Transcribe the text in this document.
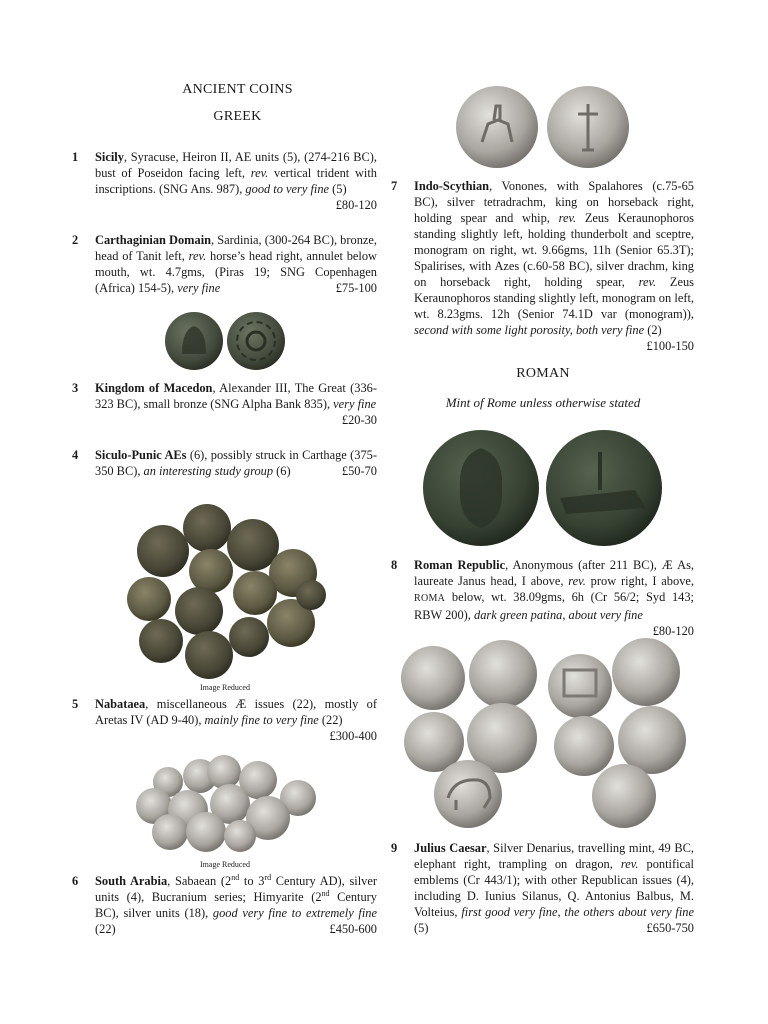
ANCIENT COINS
GREEK
1 Sicily, Syracuse, Heiron II, AE units (5), (274-216 BC), bust of Poseidon facing left, rev. vertical trident with inscriptions. (SNG Ans. 987), good to very fine (5)
£80-120
2 Carthaginian Domain, Sardinia, (300-264 BC), bronze, head of Tanit left, rev. horse’s head right, annulet below mouth, wt. 4.7gms, (Piras 19; SNG Copenhagen (Africa) 154-5), very fine	£75-100
3 Kingdom of Macedon, Alexander III, The Great (336-323 BC), small bronze (SNG Alpha Bank 835), very fine
£20-30
4 Siculo-Punic AEs (6), possibly struck in Carthage (375-350 BC), an interesting study group (6)	£50-70
Image Reduced
5 Nabataea, miscellaneous Æ issues (22), mostly of Aretas IV (AD 9-40), mainly fine to very fine (22)
£300-400
Image Reduced
6 South Arabia, Sabaean (2nd to 3rd Century AD), silver units (4), Bucranium series; Himyarite (2nd Century BC), silver units (18), good very fine to extremely fine (22)	£450-600
7 Indo-Scythian, Vonones, with Spalahores (c.75-65 BC), silver tetradrachm, king on horseback right, holding spear and whip, rev. Zeus Keraunophoros standing slightly left, holding thunderbolt and sceptre, monogram on right, wt. 9.66gms, 11h (Senior 65.3T); Spalirises, with Azes (c.60-58 BC), silver drachm, king on horseback right, holding spear, rev. Zeus Keraunophoros standing slightly left, monogram on left, wt. 8.23gms. 12h (Senior 74.1D var (monogram)), second with some light porosity, both very fine (2)
£100-150
ROMAN
Mint of Rome unless otherwise stated
8 Roman Republic, Anonymous (after 211 BC), Æ As, laureate Janus head, I above, rev. prow right, I above, ROMA below, wt. 38.09gms, 6h (Cr 56/2; Syd 143; RBW 200), dark green patina, about very fine
£80-120
9 Julius Caesar, Silver Denarius, travelling mint, 49 BC, elephant right, trampling on dragon, rev. pontifical emblems (Cr 443/1); with other Republican issues (4), including D. Iunius Silanus, Q. Antonius Balbus, M. Volteius, first good very fine, the others about very fine (5)	£650-750
